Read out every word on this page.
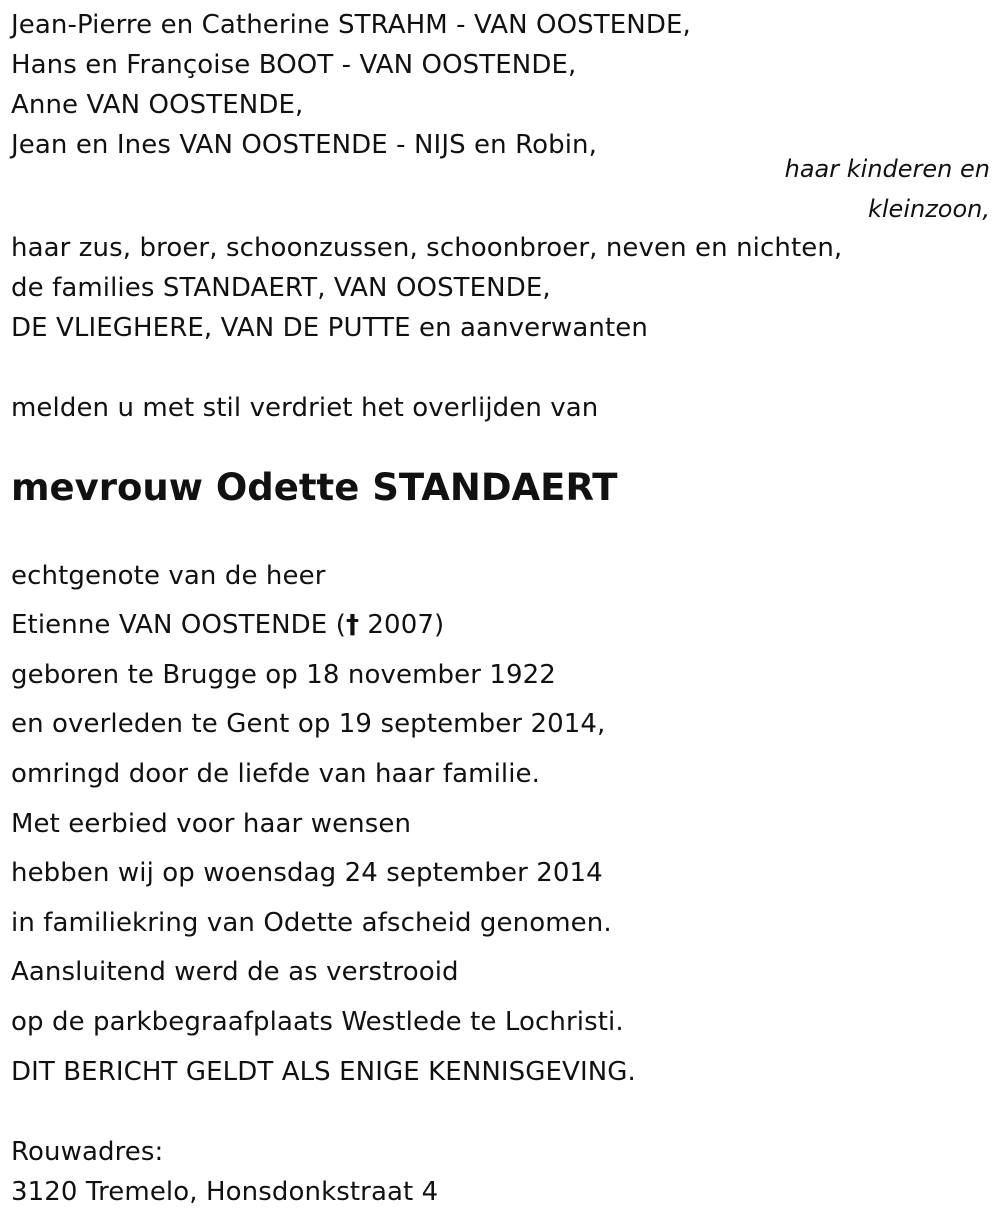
Jean-Pierre en Catherine STRAHM - VAN OOSTENDE,
Hans en Françoise BOOT - VAN OOSTENDE,
Anne VAN OOSTENDE,
Jean en Ines VAN OOSTENDE - NIJS en Robin,
haar kinderen en
kleinzoon,
haar zus, broer, schoonzussen, schoonbroer, neven en nichten,
de families STANDAERT, VAN OOSTENDE,
DE VLIEGHERE, VAN DE PUTTE en aanverwanten
melden u met stil verdriet het overlijden van
mevrouw Odette STANDAERT
echtgenote van de heer
Etienne VAN OOSTENDE († 2007)
geboren te Brugge op 18 november 1922
en overleden te Gent op 19 september 2014,
omringd door de liefde van haar familie.
Met eerbied voor haar wensen
hebben wij op woensdag 24 september 2014
in familiekring van Odette afscheid genomen.
Aansluitend werd de as verstrooid
op de parkbegraafplaats Westlede te Lochristi.
DIT BERICHT GELDT ALS ENIGE KENNISGEVING.
Rouwadres:
3120 Tremelo, Honsdonkstraat 4
